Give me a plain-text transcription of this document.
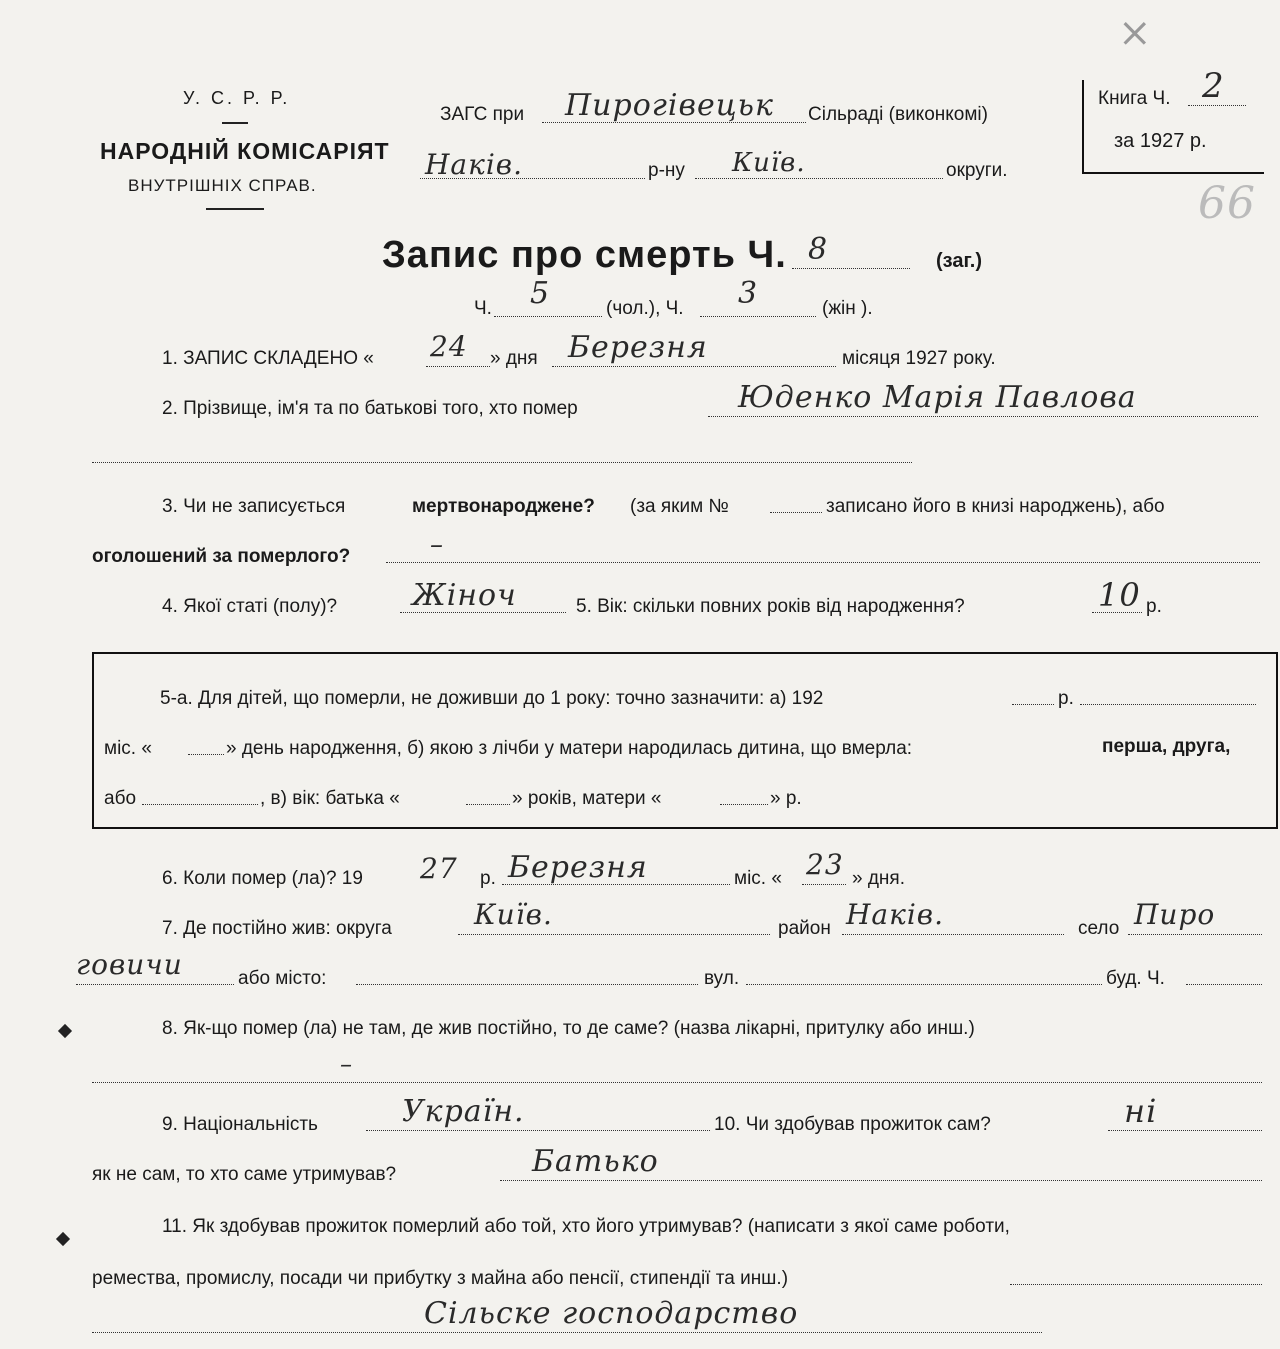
У. С. Р. Р.
НАРОДНІЙ КОМІСАРІЯТ
ВНУТРІШНІХ СПРАВ.
ЗАГС при Пирогівецьк Сільраді (виконкомі)
Наків.	р-ну Київ.	округи.
Книга Ч. 2
за 1927 р.
×
66
Запис про смерть Ч. 8	(заг.)
Ч. 5	(чол.), Ч. 3	(жін ).
1. ЗАПИС СКЛАДЕНО « 24 » дня Березня	місяця 1927 року.
2. Прізвище, ім'я та по батькові того, хто помер	Юденко Марія Павлова
3. Чи не записується	мертвонароджене? (за яким №	записано його в книзі народжень), або
оголошений за померлого?	–
4. Якої статі (полу)? Жіноч	5. Вік: скільки повних років від народження?	10 р.
5-а. Для дітей, що померли, не доживши до 1 року: точно зазначити: а) 192	р.
міс. «	» день народження, б) якою з лічби у матери народилась дитина, що вмерла:	перша, друга,
або	, в) вік: батька «	» років, матери «	» р.
6. Коли помер (ла)? 19 27 р. Березня	міс. « 23 » дня.
7. Де постійно жив: округа	Київ.	район Наків.	село Пиро
говичи	або місто:	вул.	буд. Ч.
8. Як-що помер (ла) не там, де жив постійно, то де саме? (назва лікарні, притулку або инш.)
–
9. Національність	Україн.	10. Чи здобував прожиток сам?	ні
як не сам, то хто саме утримував?	Батько
11. Як здобував прожиток померлий або той, хто його утримував? (написати з якої саме роботи,
ремества, промислу, посади чи прибутку з майна або пенсії, стипендії та инш.)
Сільске господарство
